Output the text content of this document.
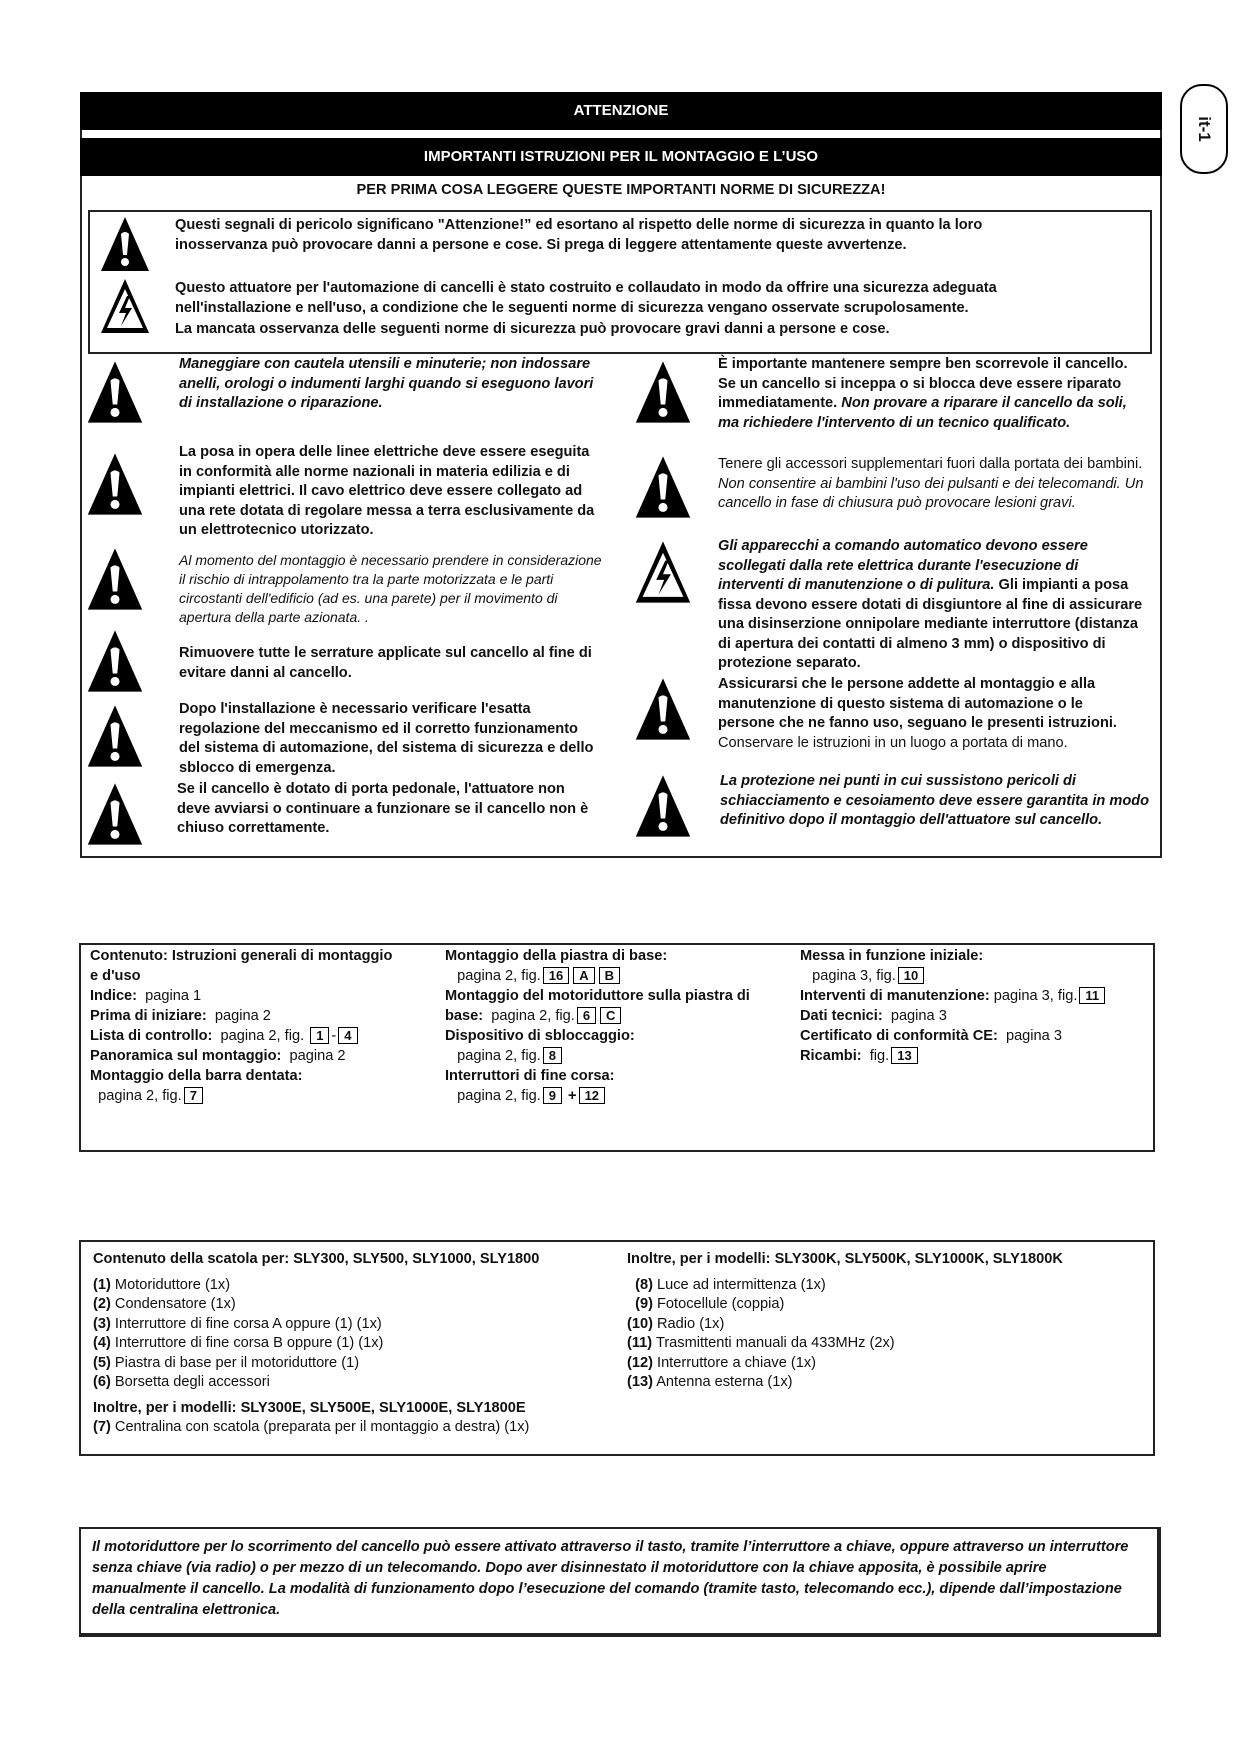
it-1
ATTENZIONE
IMPORTANTI ISTRUZIONI PER IL MONTAGGIO E L’USO
PER PRIMA COSA LEGGERE QUESTE IMPORTANTI NORME DI SICUREZZA!
Questi segnali di pericolo significano "Attenzione!” ed esortano al rispetto delle norme di sicurezza in quanto la loro inosservanza può provocare danni a persone e cose. Si prega di leggere attentamente queste avvertenze.
Questo attuatore per l'automazione di cancelli è stato costruito e collaudato in modo da offrire una sicurezza adeguata nell'installazione e nell'uso, a condizione che le seguenti norme di sicurezza vengano osservate scrupolosamente.
La mancata osservanza delle seguenti norme di sicurezza può provocare gravi danni a persone e cose.
Maneggiare con cautela utensili e minuterie; non indossare anelli, orologi o indumenti larghi quando si eseguono lavori di installazione o riparazione.
La posa in opera delle linee elettriche deve essere eseguita in conformità alle norme nazionali in materia edilizia e di impianti elettrici. Il cavo elettrico deve essere collegato ad una rete dotata di regolare messa a terra esclusivamente da un elettrotecnico utorizzato.
Al momento del montaggio è necessario prendere in considerazione il rischio di intrappolamento tra la parte motorizzata e le parti circostanti dell'edificio (ad es. una parete) per il movimento di apertura della parte azionata. .
Rimuovere tutte le serrature applicate sul cancello al fine di evitare danni al cancello.
Dopo l'installazione è necessario verificare l'esatta regolazione del meccanismo ed il corretto funzionamento del sistema di automazione, del sistema di sicurezza e dello sblocco di emergenza.
Se il cancello è dotato di porta pedonale, l'attuatore non deve avviarsi o continuare a funzionare se il cancello non è chiuso correttamente.
È importante mantenere sempre ben scorrevole il cancello. Se un cancello si inceppa o si blocca deve essere riparato immediatamente. Non provare a riparare il cancello da soli, ma richiedere l'intervento di un tecnico qualificato.
Tenere gli accessori supplementari fuori dalla portata dei bambini. Non consentire ai bambini l'uso dei pulsanti e dei telecomandi. Un cancello in fase di chiusura può provocare lesioni gravi.
Gli apparecchi a comando automatico devono essere scollegati dalla rete elettrica durante l'esecuzione di interventi di manutenzione o di pulitura. Gli impianti a posa fissa devono essere dotati di disgiuntore al fine di assicurare una disinserzione onnipolare mediante interruttore (distanza di apertura dei contatti di almeno 3 mm) o dispositivo di protezione separato.
Assicurarsi che le persone addette al montaggio e alla manutenzione di questo sistema di automazione o le persone che ne fanno uso, seguano le presenti istruzioni. Conservare le istruzioni in un luogo a portata di mano.
La protezione nei punti in cui sussistono pericoli di schiacciamento e cesoiamento deve essere garantita in modo definitivo dopo il montaggio dell'attuatore sul cancello.
Contenuto: Istruzioni generali di montaggio
e d'uso
Indice: pagina 1
Prima di iniziare: pagina 2
Lista di controllo: pagina 2, fig. 1 - 4
Panoramica sul montaggio: pagina 2
Montaggio della barra dentata:
pagina 2, fig. 7
Montaggio della piastra di base:
pagina 2, fig. 16 A B
Montaggio del motoriduttore sulla piastra di
base: pagina 2, fig. 6 C
Dispositivo di sbloccaggio:
pagina 2, fig. 8
Interruttori di fine corsa:
pagina 2, fig. 9 + 12
Messa in funzione iniziale:
pagina 3, fig. 10
Interventi di manutenzione: pagina 3, fig. 11
Dati tecnici: pagina 3
Certificato di conformità CE: pagina 3
Ricambi: fig. 13
Contenuto della scatola per: SLY300, SLY500, SLY1000, SLY1800
(1) Motoriduttore (1x)
(2) Condensatore (1x)
(3) Interruttore di fine corsa A oppure (1) (1x)
(4) Interruttore di fine corsa B oppure (1) (1x)
(5) Piastra di base per il motoriduttore (1)
(6) Borsetta degli accessori
Inoltre, per i modelli: SLY300E, SLY500E, SLY1000E, SLY1800E
(7) Centralina con scatola (preparata per il montaggio a destra) (1x)
Inoltre, per i modelli: SLY300K, SLY500K, SLY1000K, SLY1800K
(8) Luce ad intermittenza (1x)
(9) Fotocellule (coppia)
(10) Radio (1x)
(11) Trasmittenti manuali da 433MHz (2x)
(12) Interruttore a chiave (1x)
(13) Antenna esterna (1x)
Il motoriduttore per lo scorrimento del cancello può essere attivato attraverso il tasto, tramite l’interruttore a chiave, oppure attraverso un interruttore senza chiave (via radio) o per mezzo di un telecomando. Dopo aver disinnestato il motoriduttore con la chiave apposita, è possibile aprire manualmente il cancello. La modalità di funzionamento dopo l’esecuzione del comando (tramite tasto, telecomando ecc.), dipende dall’impostazione della centralina elettronica.
